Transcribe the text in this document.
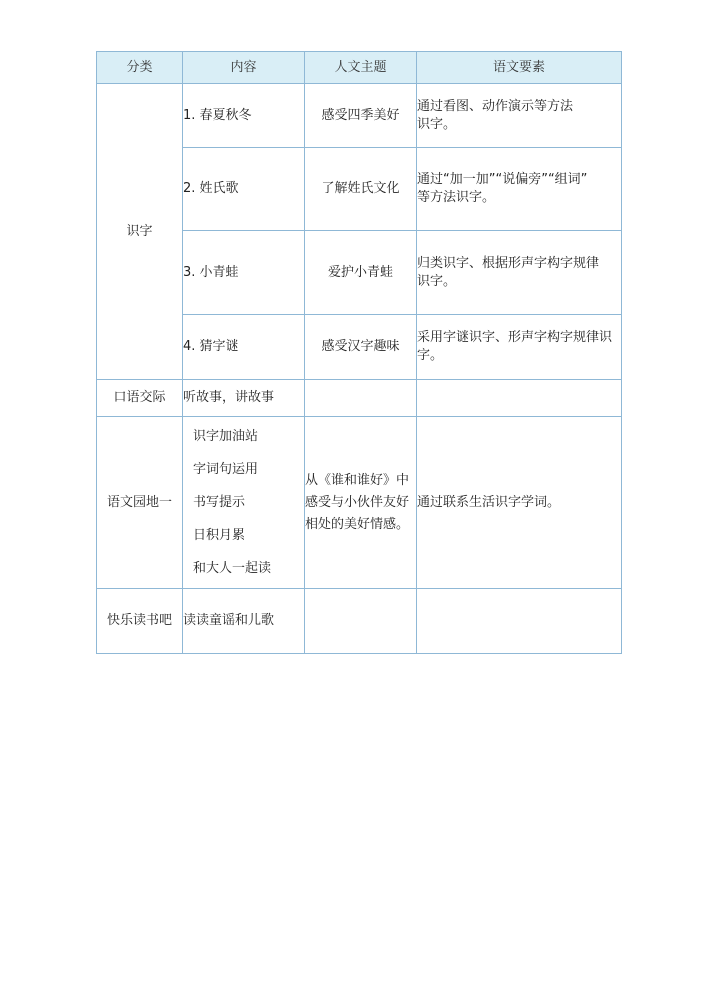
分类	内容	人文主题	语文要素
识字	1. 春夏秋冬	感受四季美好	通过看图、动作演示等方法
识字。

	2. 姓氏歌	了解姓氏文化	通过“加一加”“说偏旁”“组词”
等方法识字。

	3. 小青蛙	爱护小青蛙	归类识字、根据形声字构字规律
识字。

	4. 猜字谜	感受汉字趣味	采用字谜识字、形声字构字规律识字。

口语交际	听故事，讲故事		
语文园地一	识字加油站
字词句运用
书写提示
日积月累
和大人一起读	从《谁和谁好》中感受与小伙伴友好相处的美好情感。	通过联系生活识字学词。
快乐读书吧	读读童谣和儿歌		
